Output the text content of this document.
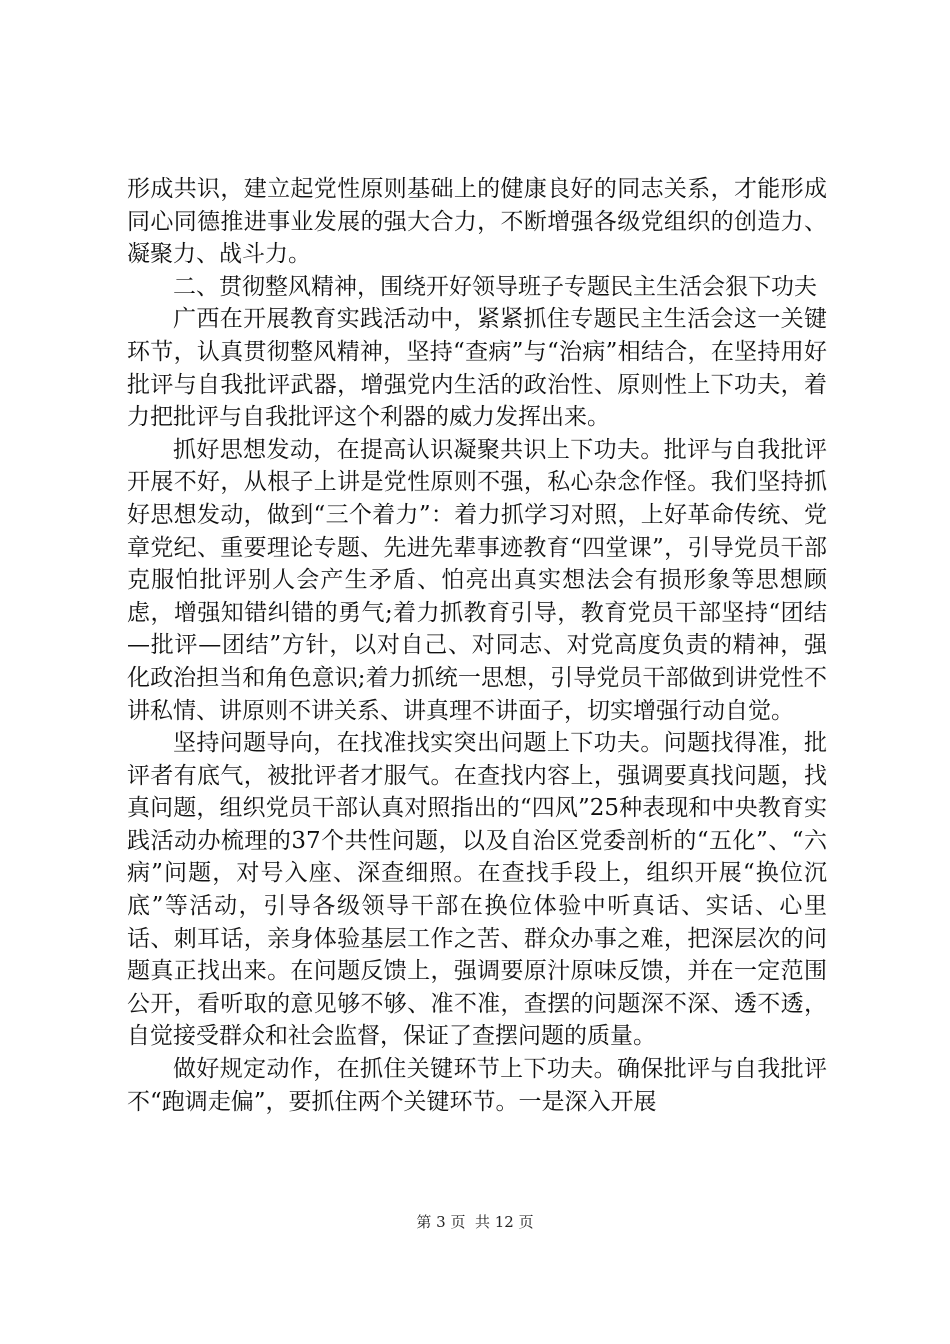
形成共识，建立起党性原则基础上的健康良好的同志关系，才能形成同心同德推进事业发展的强大合力，不断增强各级党组织的创造力、凝聚力、战斗力。

二、贯彻整风精神，围绕开好领导班子专题民主生活会狠下功夫

广西在开展教育实践活动中，紧紧抓住专题民主生活会这一关键环节，认真贯彻整风精神，坚持“查病”与“治病”相结合，在坚持用好批评与自我批评武器，增强党内生活的政治性、原则性上下功夫，着力把批评与自我批评这个利器的威力发挥出来。

抓好思想发动，在提高认识凝聚共识上下功夫。批评与自我批评开展不好，从根子上讲是党性原则不强，私心杂念作怪。我们坚持抓好思想发动，做到“三个着力”：着力抓学习对照，上好革命传统、党章党纪、重要理论专题、先进先辈事迹教育“四堂课”，引导党员干部克服怕批评别人会产生矛盾、怕亮出真实想法会有损形象等思想顾虑，增强知错纠错的勇气;着力抓教育引导，教育党员干部坚持“团结—批评—团结”方针，以对自己、对同志、对党高度负责的精神，强化政治担当和角色意识;着力抓统一思想，引导党员干部做到讲党性不讲私情、讲原则不讲关系、讲真理不讲面子，切实增强行动自觉。

坚持问题导向，在找准找实突出问题上下功夫。问题找得准，批评者有底气，被批评者才服气。在查找内容上，强调要真找问题，找真问题，组织党员干部认真对照指出的“四风”25种表现和中央教育实践活动办梳理的37个共性问题，以及自治区党委剖析的“五化”、“六病”问题，对号入座、深查细照。在查找手段上，组织开展“换位沉底”等活动，引导各级领导干部在换位体验中听真话、实话、心里话、刺耳话，亲身体验基层工作之苦、群众办事之难，把深层次的问题真正找出来。在问题反馈上，强调要原汁原味反馈，并在一定范围公开，看听取的意见够不够、准不准，查摆的问题深不深、透不透，自觉接受群众和社会监督，保证了查摆问题的质量。

做好规定动作，在抓住关键环节上下功夫。确保批评与自我批评不“跑调走偏”，要抓住两个关键环节。一是深入开展

第 3 页  共 12 页
